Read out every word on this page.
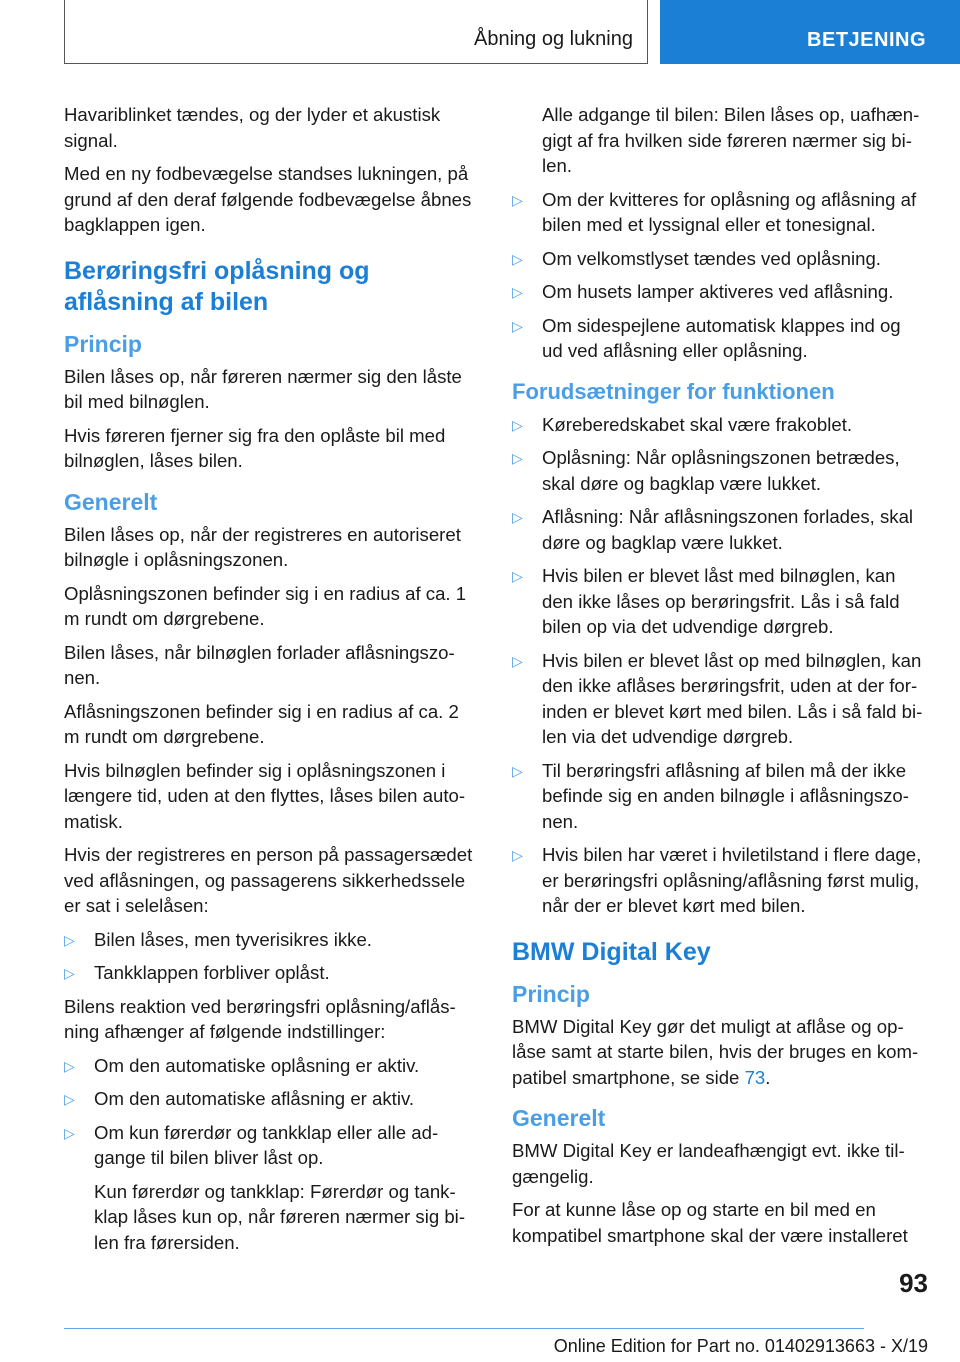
Åbning og lukning	BETJENING

Havariblinket tændes, og der lyder et akustisk signal.

Med en ny fodbevægelse standses lukningen, på grund af den deraf følgende fodbevægelse åbnes bagklappen igen.

Berøringsfri oplåsning og aflåsning af bilen
Princip

Bilen låses op, når føreren nærmer sig den låste bil med bilnøglen.

Hvis føreren fjerner sig fra den oplåste bil med bilnøglen, låses bilen.

Generelt

Bilen låses op, når der registreres en autoriseret bilnøgle i oplåsningszonen.

Oplåsningszonen befinder sig i en radius af ca. 1 m rundt om dørgrebene.

Bilen låses, når bilnøglen forlader aflåsningszonen.

Aflåsningszonen befinder sig i en radius af ca. 2 m rundt om dørgrebene.

Hvis bilnøglen befinder sig i oplåsningszonen i længere tid, uden at den flyttes, låses bilen automatisk.

Hvis der registreres en person på passagersædet ved aflåsningen, og passagerens sikkerhedssele er sat i selelåsen:

▷ Bilen låses, men tyverisikres ikke.
▷ Tankklappen forbliver oplåst.

Bilens reaktion ved berøringsfri oplåsning/aflåsning afhænger af følgende indstillinger:

▷ Om den automatiske oplåsning er aktiv.
▷ Om den automatiske aflåsning er aktiv.
▷ Om kun førerdør og tankklap eller alle adgange til bilen bliver låst op.

Kun førerdør og tankklap: Førerdør og tankklap låses kun op, når føreren nærmer sig bilen fra førersiden.

Alle adgange til bilen: Bilen låses op, uafhængigt af fra hvilken side føreren nærmer sig bilen.

▷ Om der kvitteres for oplåsning og aflåsning af bilen med et lyssignal eller et tonesignal.
▷ Om velkomstlyset tændes ved oplåsning.
▷ Om husets lamper aktiveres ved aflåsning.
▷ Om sidespejlene automatisk klappes ind og ud ved aflåsning eller oplåsning.
Forudsætninger for funktionen
▷ Køreberedskabet skal være frakoblet.
▷ Oplåsning: Når oplåsningszonen betrædes, skal døre og bagklap være lukket.
▷ Aflåsning: Når aflåsningszonen forlades, skal døre og bagklap være lukket.
▷ Hvis bilen er blevet låst med bilnøglen, kan den ikke låses op berøringsfrit. Lås i så fald bilen op via det udvendige dørgreb.
▷ Hvis bilen er blevet låst op med bilnøglen, kan den ikke aflåses berøringsfrit, uden at der forinden er blevet kørt med bilen. Lås i så fald bilen via det udvendige dørgreb.
▷ Til berøringsfri aflåsning af bilen må der ikke befinde sig en anden bilnøgle i aflåsningszonen.
▷ Hvis bilen har været i hviletilstand i flere dage, er berøringsfri oplåsning/aflåsning først mulig, når der er blevet kørt med bilen.
BMW Digital Key
Princip

BMW Digital Key gør det muligt at aflåse og oplåse samt at starte bilen, hvis der bruges en kompatibel smartphone, se side 73.

Generelt

BMW Digital Key er landeafhængigt evt. ikke tilgængelig.

For at kunne låse op og starte en bil med en kompatibel smartphone skal der være installeret

93
Online Edition for Part no. 01402913663 - X/19
